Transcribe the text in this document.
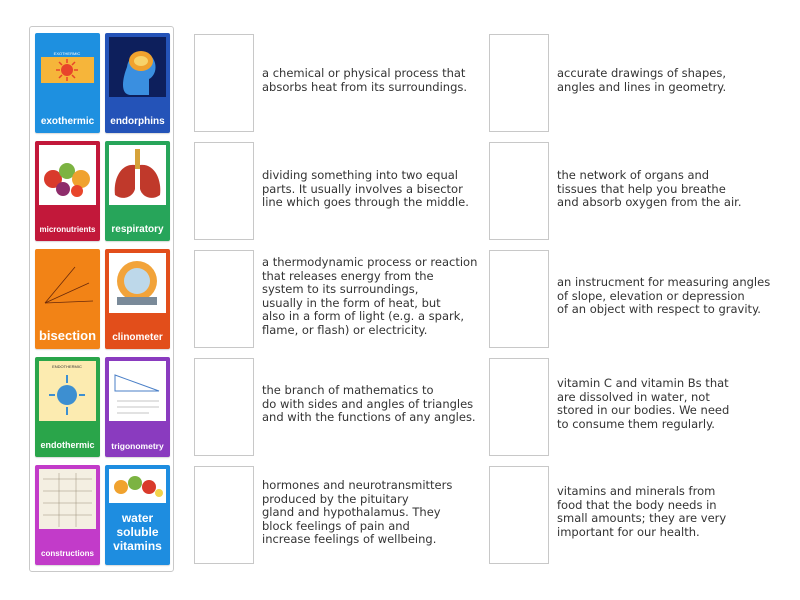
EXOTHERMIC
exothermic	endorphins
micronutrients	respiratory
bisection	clinometer
ENDOTHERMIC
endothermic	trigonometry
constructions
water soluble vitamins
a chemical or physical process that
absorbs heat from its surroundings.
dividing something into two equal
parts. It usually involves a bisector
line which goes through the middle.
a thermodynamic process or reaction
that releases energy from the
system to its surroundings,
usually in the form of heat, but
also in a form of light (e.g. a spark,
flame, or flash) or electricity.
the branch of mathematics to
do with sides and angles of triangles
and with the functions of any angles.
hormones and neurotransmitters
produced by the pituitary
gland and hypothalamus. They
block feelings of pain and
increase feelings of wellbeing.
accurate drawings of shapes,
angles and lines in geometry.
the network of organs and
tissues that help you breathe
and absorb oxygen from the air.
an instrucment for measuring angles
of slope, elevation or depression
of an object with respect to gravity.
vitamin C and vitamin Bs that
are dissolved in water, not
stored in our bodies. We need
to consume them regularly.
vitamins and minerals from
food that the body needs in
small amounts; they are very
important for our health.
